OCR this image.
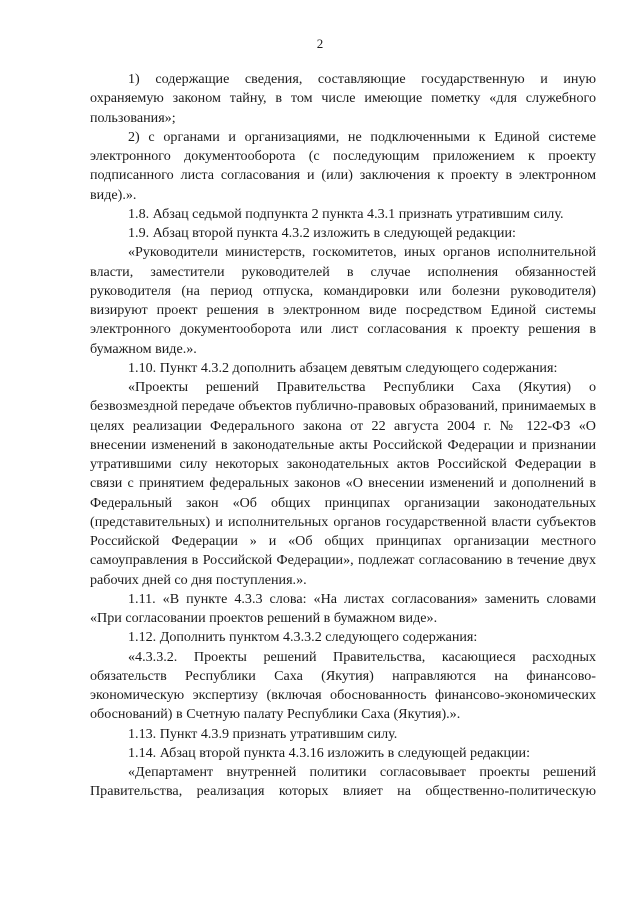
2

1) содержащие сведения, составляющие государственную и иную охраняемую законом тайну, в том числе имеющие пометку «для служебного пользования»;

2) с органами и организациями, не подключенными к Единой системе электронного документооборота (с последующим приложением к проекту подписанного листа согласования и (или) заключения к проекту в электронном виде).».

1.8. Абзац седьмой подпункта 2 пункта 4.3.1 признать утратившим силу.

1.9. Абзац второй пункта 4.3.2 изложить в следующей редакции:

«Руководители министерств, госкомитетов, иных органов исполнительной власти, заместители руководителей в случае исполнения обязанностей руководителя (на период отпуска, командировки или болезни руководителя) визируют проект решения в электронном виде посредством Единой системы электронного документооборота или лист согласования к проекту решения в бумажном виде.».

1.10. Пункт 4.3.2 дополнить абзацем девятым следующего содержания:

«Проекты решений Правительства Республики Саха (Якутия) о безвозмездной передаче объектов публично-правовых образований, принимаемых в целях реализации Федерального закона от 22 августа 2004 г. № 122-ФЗ «О внесении изменений в законодательные акты Российской Федерации и признании утратившими силу некоторых законодательных актов Российской Федерации в связи с принятием федеральных законов «О внесении изменений и дополнений в Федеральный закон «Об общих принципах организации законодательных (представительных) и исполнительных органов государственной власти субъектов Российской Федерации » и «Об общих принципах организации местного самоуправления в Российской Федерации», подлежат согласованию в течение двух рабочих дней со дня поступления.».

1.11. «В пункте 4.3.3 слова: «На листах согласования» заменить словами «При согласовании проектов решений в бумажном виде».

1.12. Дополнить пунктом 4.3.3.2 следующего содержания:

«4.3.3.2. Проекты решений Правительства, касающиеся расходных обязательств Республики Саха (Якутия) направляются на финансово-экономическую экспертизу (включая обоснованность финансово-экономических обоснований) в Счетную палату Республики Саха (Якутия).».

1.13. Пункт 4.3.9 признать утратившим силу.

1.14. Абзац второй пункта 4.3.16 изложить в следующей редакции:

«Департамент внутренней политики согласовывает проекты решений Правительства, реализация которых влияет на общественно-политическую
